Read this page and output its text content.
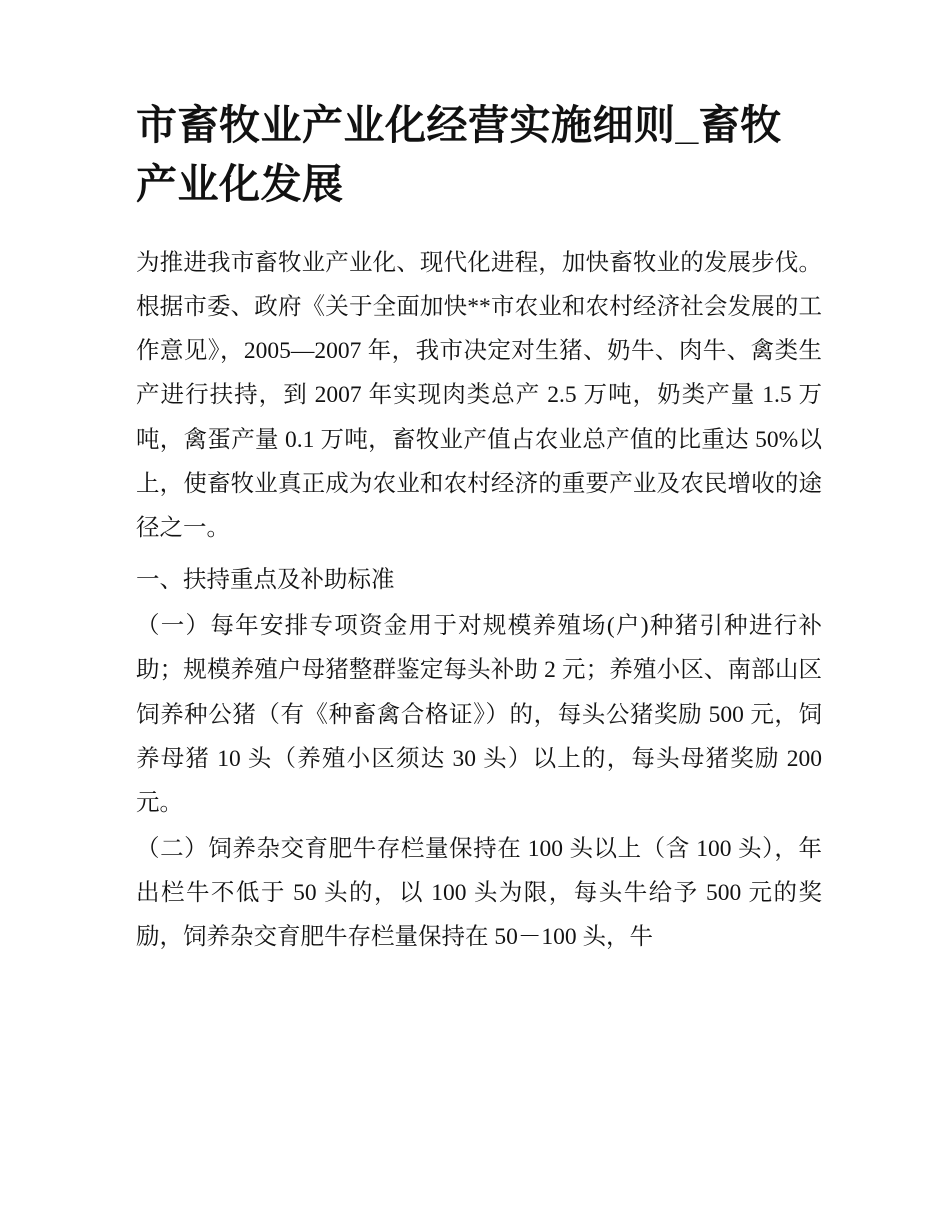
市畜牧业产业化经营实施细则_畜牧产业化发展

为推进我市畜牧业产业化、现代化进程，加快畜牧业的发展步伐。根据市委、政府《关于全面加快**市农业和农村经济社会发展的工作意见》，2005—2007 年，我市决定对生猪、奶牛、肉牛、禽类生产进行扶持，到 2007 年实现肉类总产 2.5 万吨，奶类产量 1.5 万吨，禽蛋产量 0.1 万吨，畜牧业产值占农业总产值的比重达 50%以上，使畜牧业真正成为农业和农村经济的重要产业及农民增收的途径之一。

一、扶持重点及补助标准

（一）每年安排专项资金用于对规模养殖场(户)种猪引种进行补助；规模养殖户母猪整群鉴定每头补助 2 元；养殖小区、南部山区饲养种公猪（有《种畜禽合格证》）的，每头公猪奖励 500 元，饲养母猪 10 头（养殖小区须达 30 头）以上的，每头母猪奖励 200 元。

（二）饲养杂交育肥牛存栏量保持在 100 头以上（含 100 头），年出栏牛不低于 50 头的，以 100 头为限，每头牛给予 500 元的奖励，饲养杂交育肥牛存栏量保持在 50－100 头，牛
